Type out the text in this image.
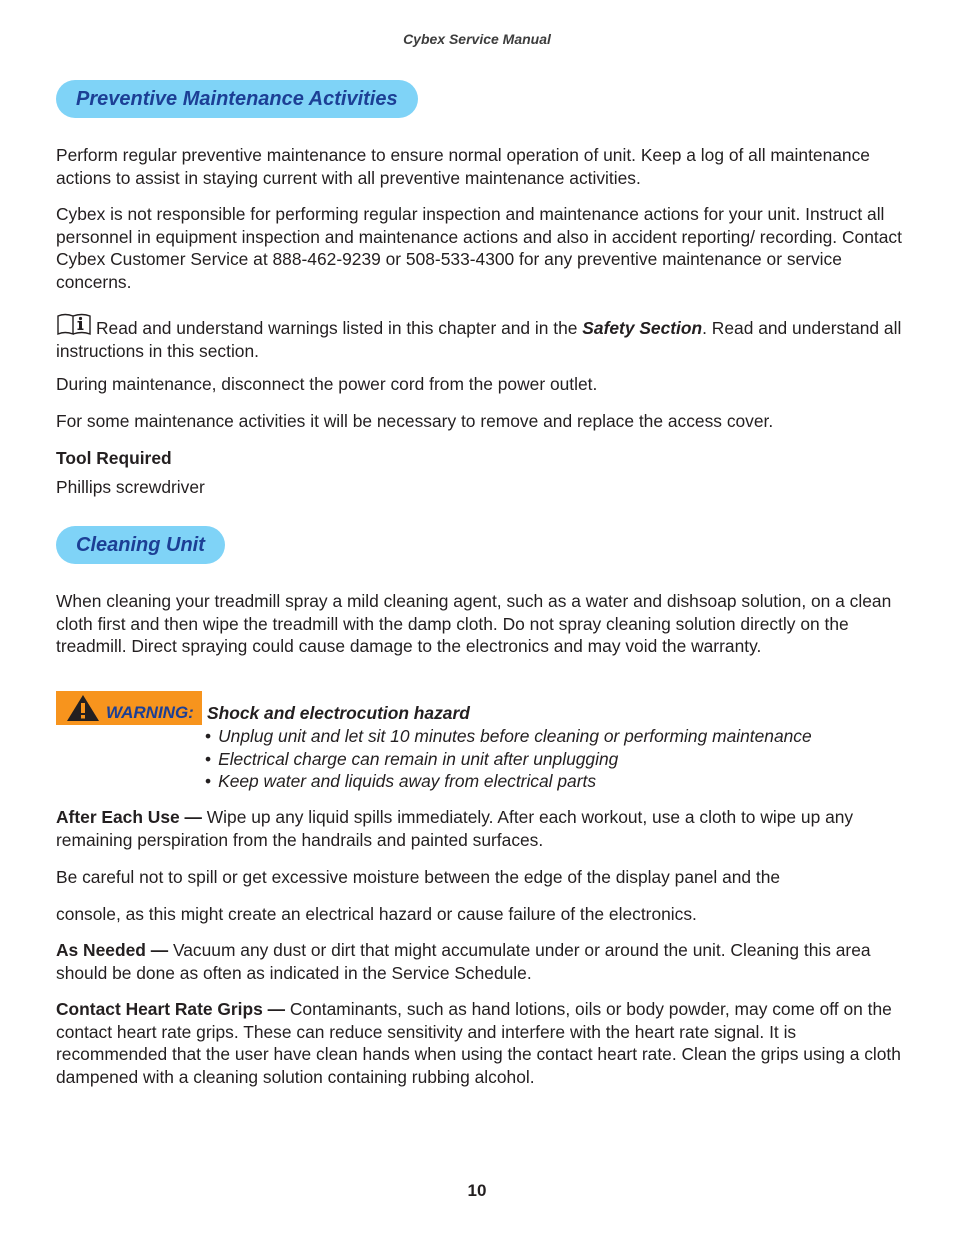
Cybex Service Manual
Preventive Maintenance Activities

Perform regular preventive maintenance to ensure normal operation of unit. Keep a log of all maintenance actions to assist in staying current with all preventive maintenance activities.

Cybex is not responsible for performing regular inspection and maintenance actions for your unit. Instruct all personnel in equipment inspection and maintenance actions and also in accident reporting/ recording. Contact Cybex Customer Service at 888-462-9239 or 508-533-4300 for any preventive maintenance or service concerns.

Read and understand warnings listed in this chapter and in the Safety Section. Read and understand all instructions in this section.

During maintenance, disconnect the power cord from the power outlet.

For some maintenance activities it will be necessary to remove and replace the access cover.

Tool Required

Phillips screwdriver

Cleaning Unit

When cleaning your treadmill spray a mild cleaning agent, such as a water and dishsoap solution, on a clean cloth first and then wipe the treadmill with the damp cloth. Do not spray cleaning solution directly on the treadmill. Direct spraying could cause damage to the electronics and may void the warranty.

WARNING: Shock and electrocution hazard
• Unplug unit and let sit 10 minutes before cleaning or performing maintenance
• Electrical charge can remain in unit after unplugging
• Keep water and liquids away from electrical parts

After Each Use — Wipe up any liquid spills immediately. After each workout, use a cloth to wipe up any remaining perspiration from the handrails and painted surfaces.

Be careful not to spill or get excessive moisture between the edge of the display panel and the

console, as this might create an electrical hazard or cause failure of the electronics.

As Needed — Vacuum any dust or dirt that might accumulate under or around the unit. Cleaning this area should be done as often as indicated in the Service Schedule.

Contact Heart Rate Grips — Contaminants, such as hand lotions, oils or body powder, may come off on the contact heart rate grips. These can reduce sensitivity and interfere with the heart rate signal. It is recommended that the user have clean hands when using the contact heart rate. Clean the grips using a cloth dampened with a cleaning solution containing rubbing alcohol.

10
